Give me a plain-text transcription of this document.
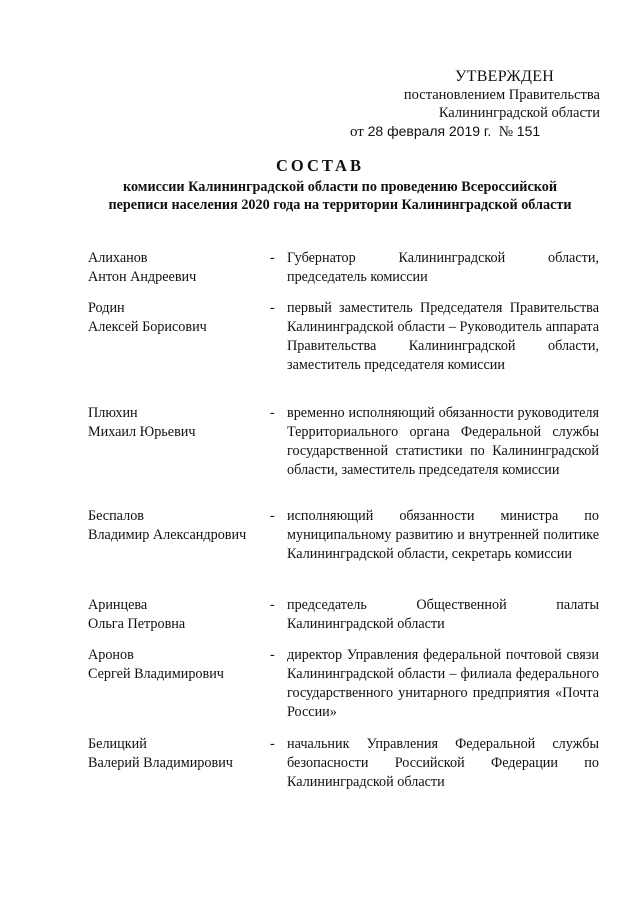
УТВЕРЖДЕН
постановлением Правительства
Калининградской области
от 28 февраля 2019 г. № 151
СОСТАВ
комиссии Калининградской области по проведению Всероссийской
переписи населения 2020 года на территории Калининградской области
Алиханов
Антон Андреевич
- Губернатор Калининградской области, председатель комиссии
Родин
Алексей Борисович
- первый заместитель Председателя Правительства Калининградской области – Руководитель аппарата Правительства Калининградской области, заместитель председателя комиссии
Плюхин
Михаил Юрьевич
- временно исполняющий обязанности руководителя Территориального органа Федеральной службы государственной статистики по Калининградской области, заместитель председателя комиссии
Беспалов
Владимир Александрович
- исполняющий обязанности министра по муниципальному развитию и внутренней политике Калининградской области, секретарь комиссии
Аринцева
Ольга Петровна
- председатель Общественной палаты Калининградской области
Аронов
Сергей Владимирович
- директор Управления федеральной почтовой связи Калининградской области – филиала федерального государственного унитарного предприятия «Почта России»
Белицкий
Валерий Владимирович
- начальник Управления Федеральной службы безопасности Российской Федерации по Калининградской области
